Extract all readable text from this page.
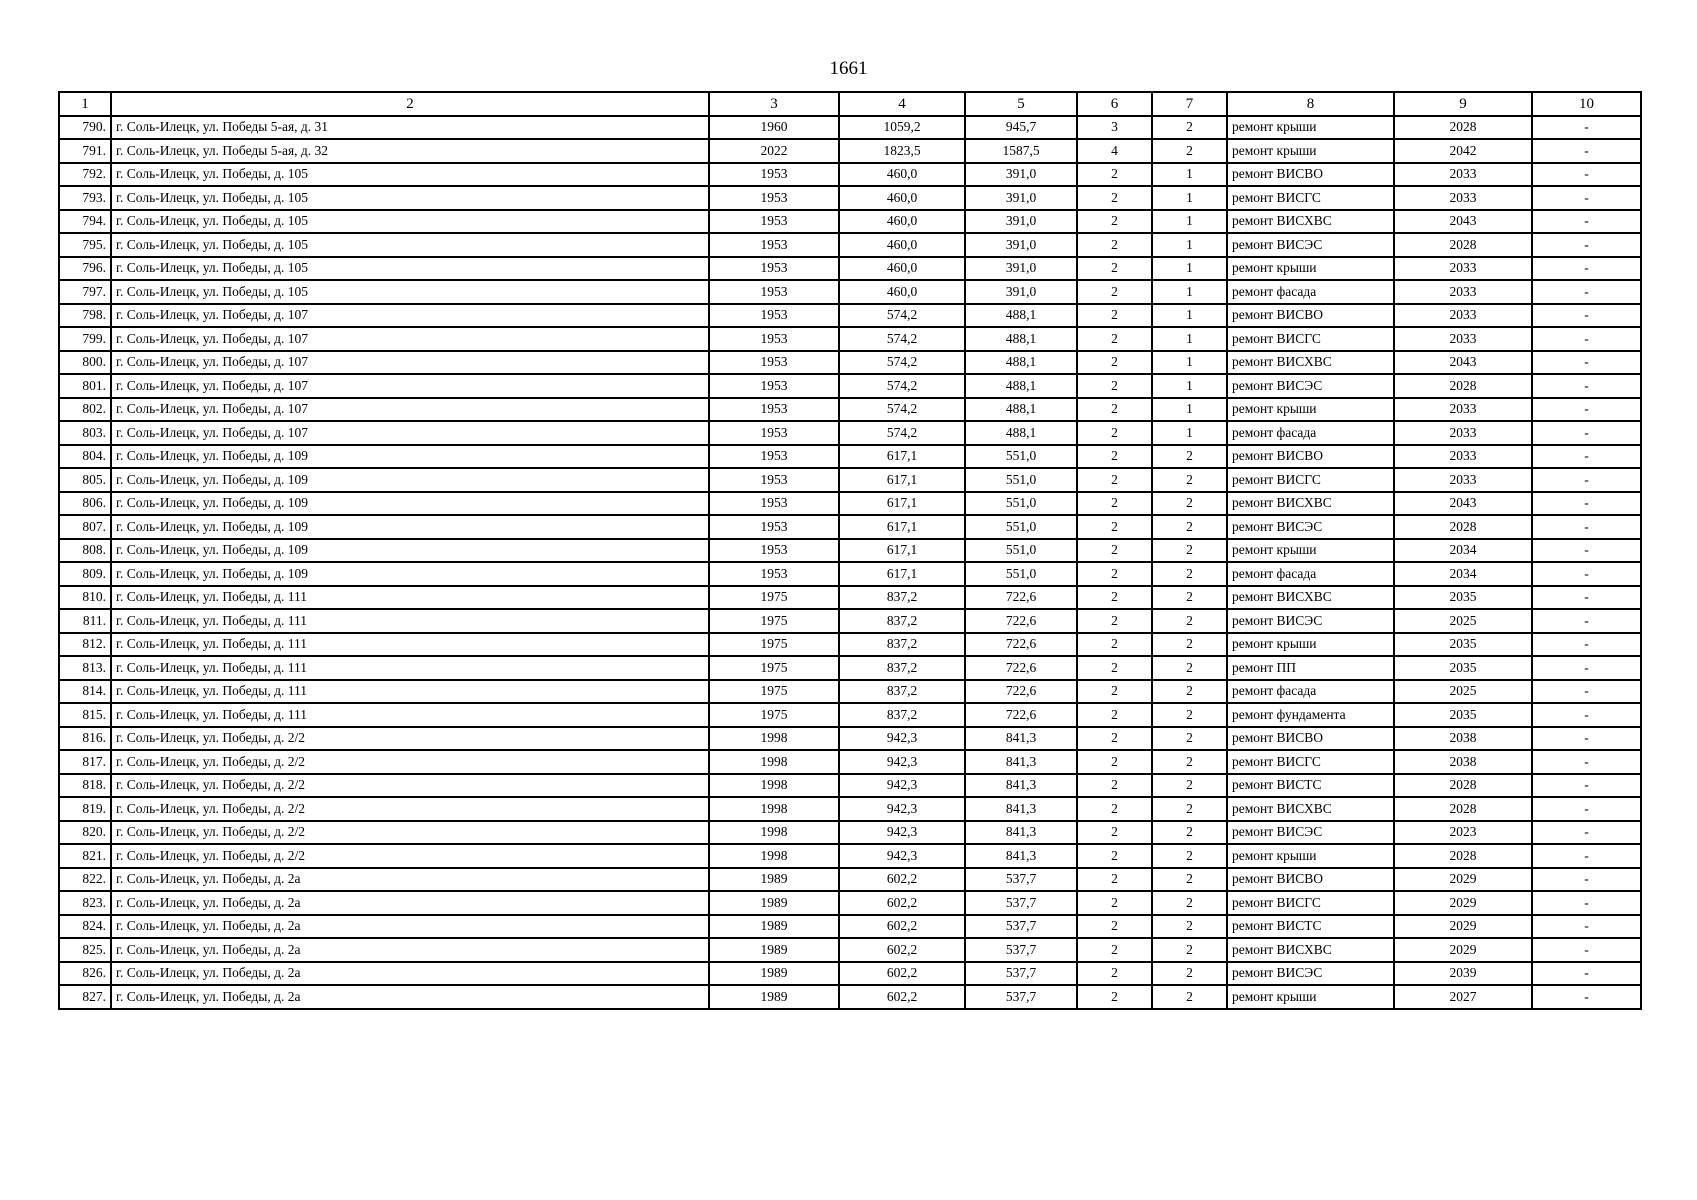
1661
1	2	3	4	5	6	7	8	9	10
790.	г. Соль-Илецк, ул. Победы 5-ая, д. 31	1960	1059,2	945,7	3	2	ремонт крыши	2028	-
791.	г. Соль-Илецк, ул. Победы 5-ая, д. 32	2022	1823,5	1587,5	4	2	ремонт крыши	2042	-
792.	г. Соль-Илецк, ул. Победы, д. 105	1953	460,0	391,0	2	1	ремонт ВИСВО	2033	-
793.	г. Соль-Илецк, ул. Победы, д. 105	1953	460,0	391,0	2	1	ремонт ВИСГС	2033	-
794.	г. Соль-Илецк, ул. Победы, д. 105	1953	460,0	391,0	2	1	ремонт ВИСХВС	2043	-
795.	г. Соль-Илецк, ул. Победы, д. 105	1953	460,0	391,0	2	1	ремонт ВИСЭС	2028	-
796.	г. Соль-Илецк, ул. Победы, д. 105	1953	460,0	391,0	2	1	ремонт крыши	2033	-
797.	г. Соль-Илецк, ул. Победы, д. 105	1953	460,0	391,0	2	1	ремонт фасада	2033	-
798.	г. Соль-Илецк, ул. Победы, д. 107	1953	574,2	488,1	2	1	ремонт ВИСВО	2033	-
799.	г. Соль-Илецк, ул. Победы, д. 107	1953	574,2	488,1	2	1	ремонт ВИСГС	2033	-
800.	г. Соль-Илецк, ул. Победы, д. 107	1953	574,2	488,1	2	1	ремонт ВИСХВС	2043	-
801.	г. Соль-Илецк, ул. Победы, д. 107	1953	574,2	488,1	2	1	ремонт ВИСЭС	2028	-
802.	г. Соль-Илецк, ул. Победы, д. 107	1953	574,2	488,1	2	1	ремонт крыши	2033	-
803.	г. Соль-Илецк, ул. Победы, д. 107	1953	574,2	488,1	2	1	ремонт фасада	2033	-
804.	г. Соль-Илецк, ул. Победы, д. 109	1953	617,1	551,0	2	2	ремонт ВИСВО	2033	-
805.	г. Соль-Илецк, ул. Победы, д. 109	1953	617,1	551,0	2	2	ремонт ВИСГС	2033	-
806.	г. Соль-Илецк, ул. Победы, д. 109	1953	617,1	551,0	2	2	ремонт ВИСХВС	2043	-
807.	г. Соль-Илецк, ул. Победы, д. 109	1953	617,1	551,0	2	2	ремонт ВИСЭС	2028	-
808.	г. Соль-Илецк, ул. Победы, д. 109	1953	617,1	551,0	2	2	ремонт крыши	2034	-
809.	г. Соль-Илецк, ул. Победы, д. 109	1953	617,1	551,0	2	2	ремонт фасада	2034	-
810.	г. Соль-Илецк, ул. Победы, д. 111	1975	837,2	722,6	2	2	ремонт ВИСХВС	2035	-
811.	г. Соль-Илецк, ул. Победы, д. 111	1975	837,2	722,6	2	2	ремонт ВИСЭС	2025	-
812.	г. Соль-Илецк, ул. Победы, д. 111	1975	837,2	722,6	2	2	ремонт крыши	2035	-
813.	г. Соль-Илецк, ул. Победы, д. 111	1975	837,2	722,6	2	2	ремонт ПП	2035	-
814.	г. Соль-Илецк, ул. Победы, д. 111	1975	837,2	722,6	2	2	ремонт фасада	2025	-
815.	г. Соль-Илецк, ул. Победы, д. 111	1975	837,2	722,6	2	2	ремонт фундамента	2035	-
816.	г. Соль-Илецк, ул. Победы, д. 2/2	1998	942,3	841,3	2	2	ремонт ВИСВО	2038	-
817.	г. Соль-Илецк, ул. Победы, д. 2/2	1998	942,3	841,3	2	2	ремонт ВИСГС	2038	-
818.	г. Соль-Илецк, ул. Победы, д. 2/2	1998	942,3	841,3	2	2	ремонт ВИСТС	2028	-
819.	г. Соль-Илецк, ул. Победы, д. 2/2	1998	942,3	841,3	2	2	ремонт ВИСХВС	2028	-
820.	г. Соль-Илецк, ул. Победы, д. 2/2	1998	942,3	841,3	2	2	ремонт ВИСЭС	2023	-
821.	г. Соль-Илецк, ул. Победы, д. 2/2	1998	942,3	841,3	2	2	ремонт крыши	2028	-
822.	г. Соль-Илецк, ул. Победы, д. 2а	1989	602,2	537,7	2	2	ремонт ВИСВО	2029	-
823.	г. Соль-Илецк, ул. Победы, д. 2а	1989	602,2	537,7	2	2	ремонт ВИСГС	2029	-
824.	г. Соль-Илецк, ул. Победы, д. 2а	1989	602,2	537,7	2	2	ремонт ВИСТС	2029	-
825.	г. Соль-Илецк, ул. Победы, д. 2а	1989	602,2	537,7	2	2	ремонт ВИСХВС	2029	-
826.	г. Соль-Илецк, ул. Победы, д. 2а	1989	602,2	537,7	2	2	ремонт ВИСЭС	2039	-
827.	г. Соль-Илецк, ул. Победы, д. 2а	1989	602,2	537,7	2	2	ремонт крыши	2027	-
